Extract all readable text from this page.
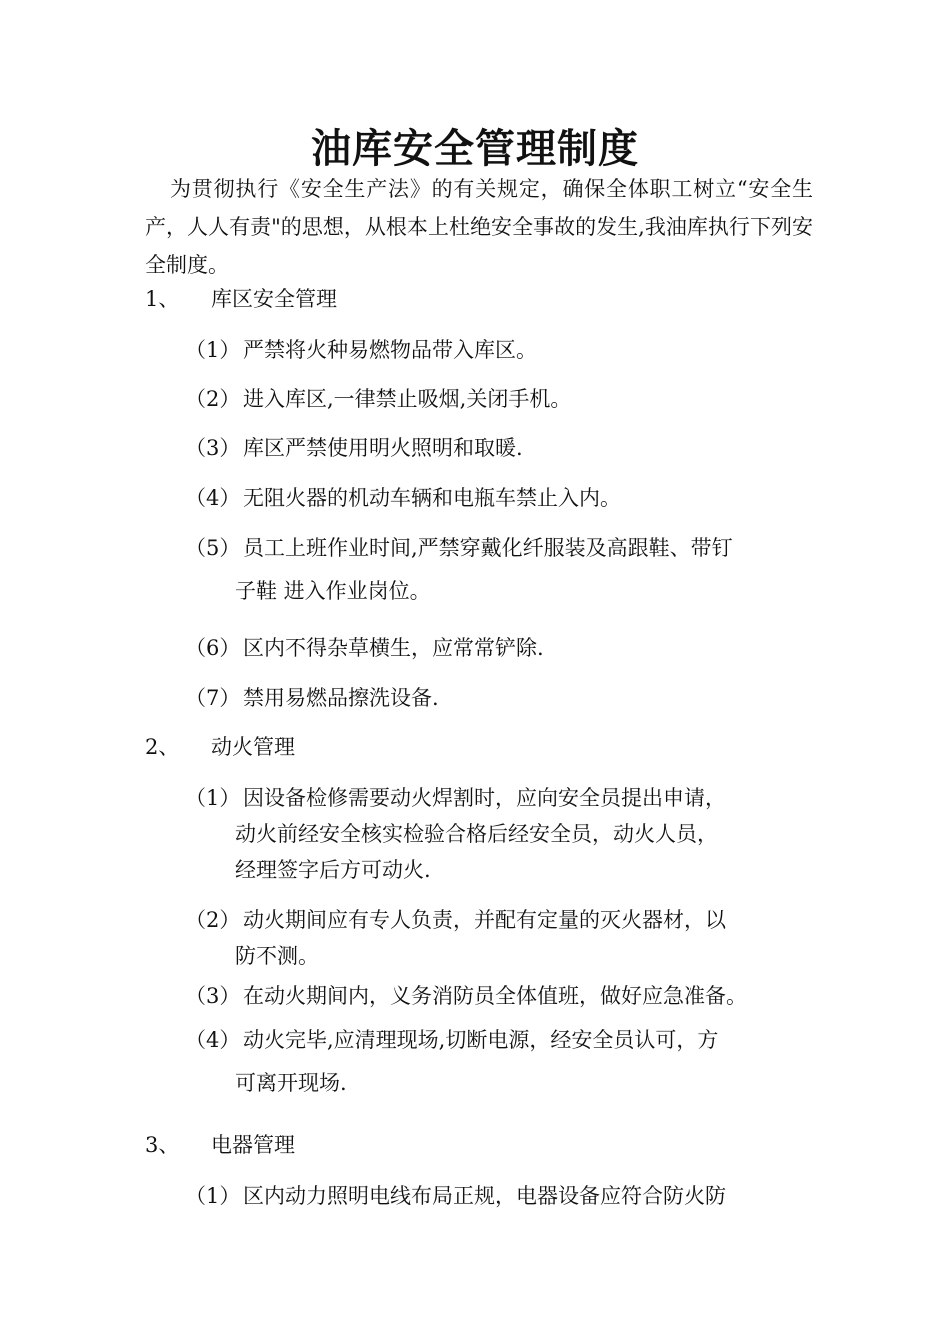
油库安全管理制度

为贯彻执行《安全生产法》的有关规定，确保全体职工树立“安全生产，人人有责"的思想，从根本上杜绝安全事故的发生,我油库执行下列安全制度。

1、 库区安全管理
（1） 严禁将火种易燃物品带入库区。
（2） 进入库区,一律禁止吸烟,关闭手机。
（3） 库区严禁使用明火照明和取暖.
（4） 无阻火器的机动车辆和电瓶车禁止入内。
（5） 员工上班作业时间,严禁穿戴化纤服装及高跟鞋、带钉
子鞋 进入作业岗位。
（6） 区内不得杂草横生，应常常铲除.
（7） 禁用易燃品擦洗设备.
2、 动火管理
（1） 因设备检修需要动火焊割时，应向安全员提出申请，
动火前经安全核实检验合格后经安全员，动火人员，
经理签字后方可动火.
（2） 动火期间应有专人负责，并配有定量的灭火器材，以
防不测。
（3） 在动火期间内，义务消防员全体值班，做好应急准备。
（4） 动火完毕,应清理现场,切断电源，经安全员认可，方
可离开现场.
3、 电器管理
（1） 区内动力照明电线布局正规，电器设备应符合防火防
